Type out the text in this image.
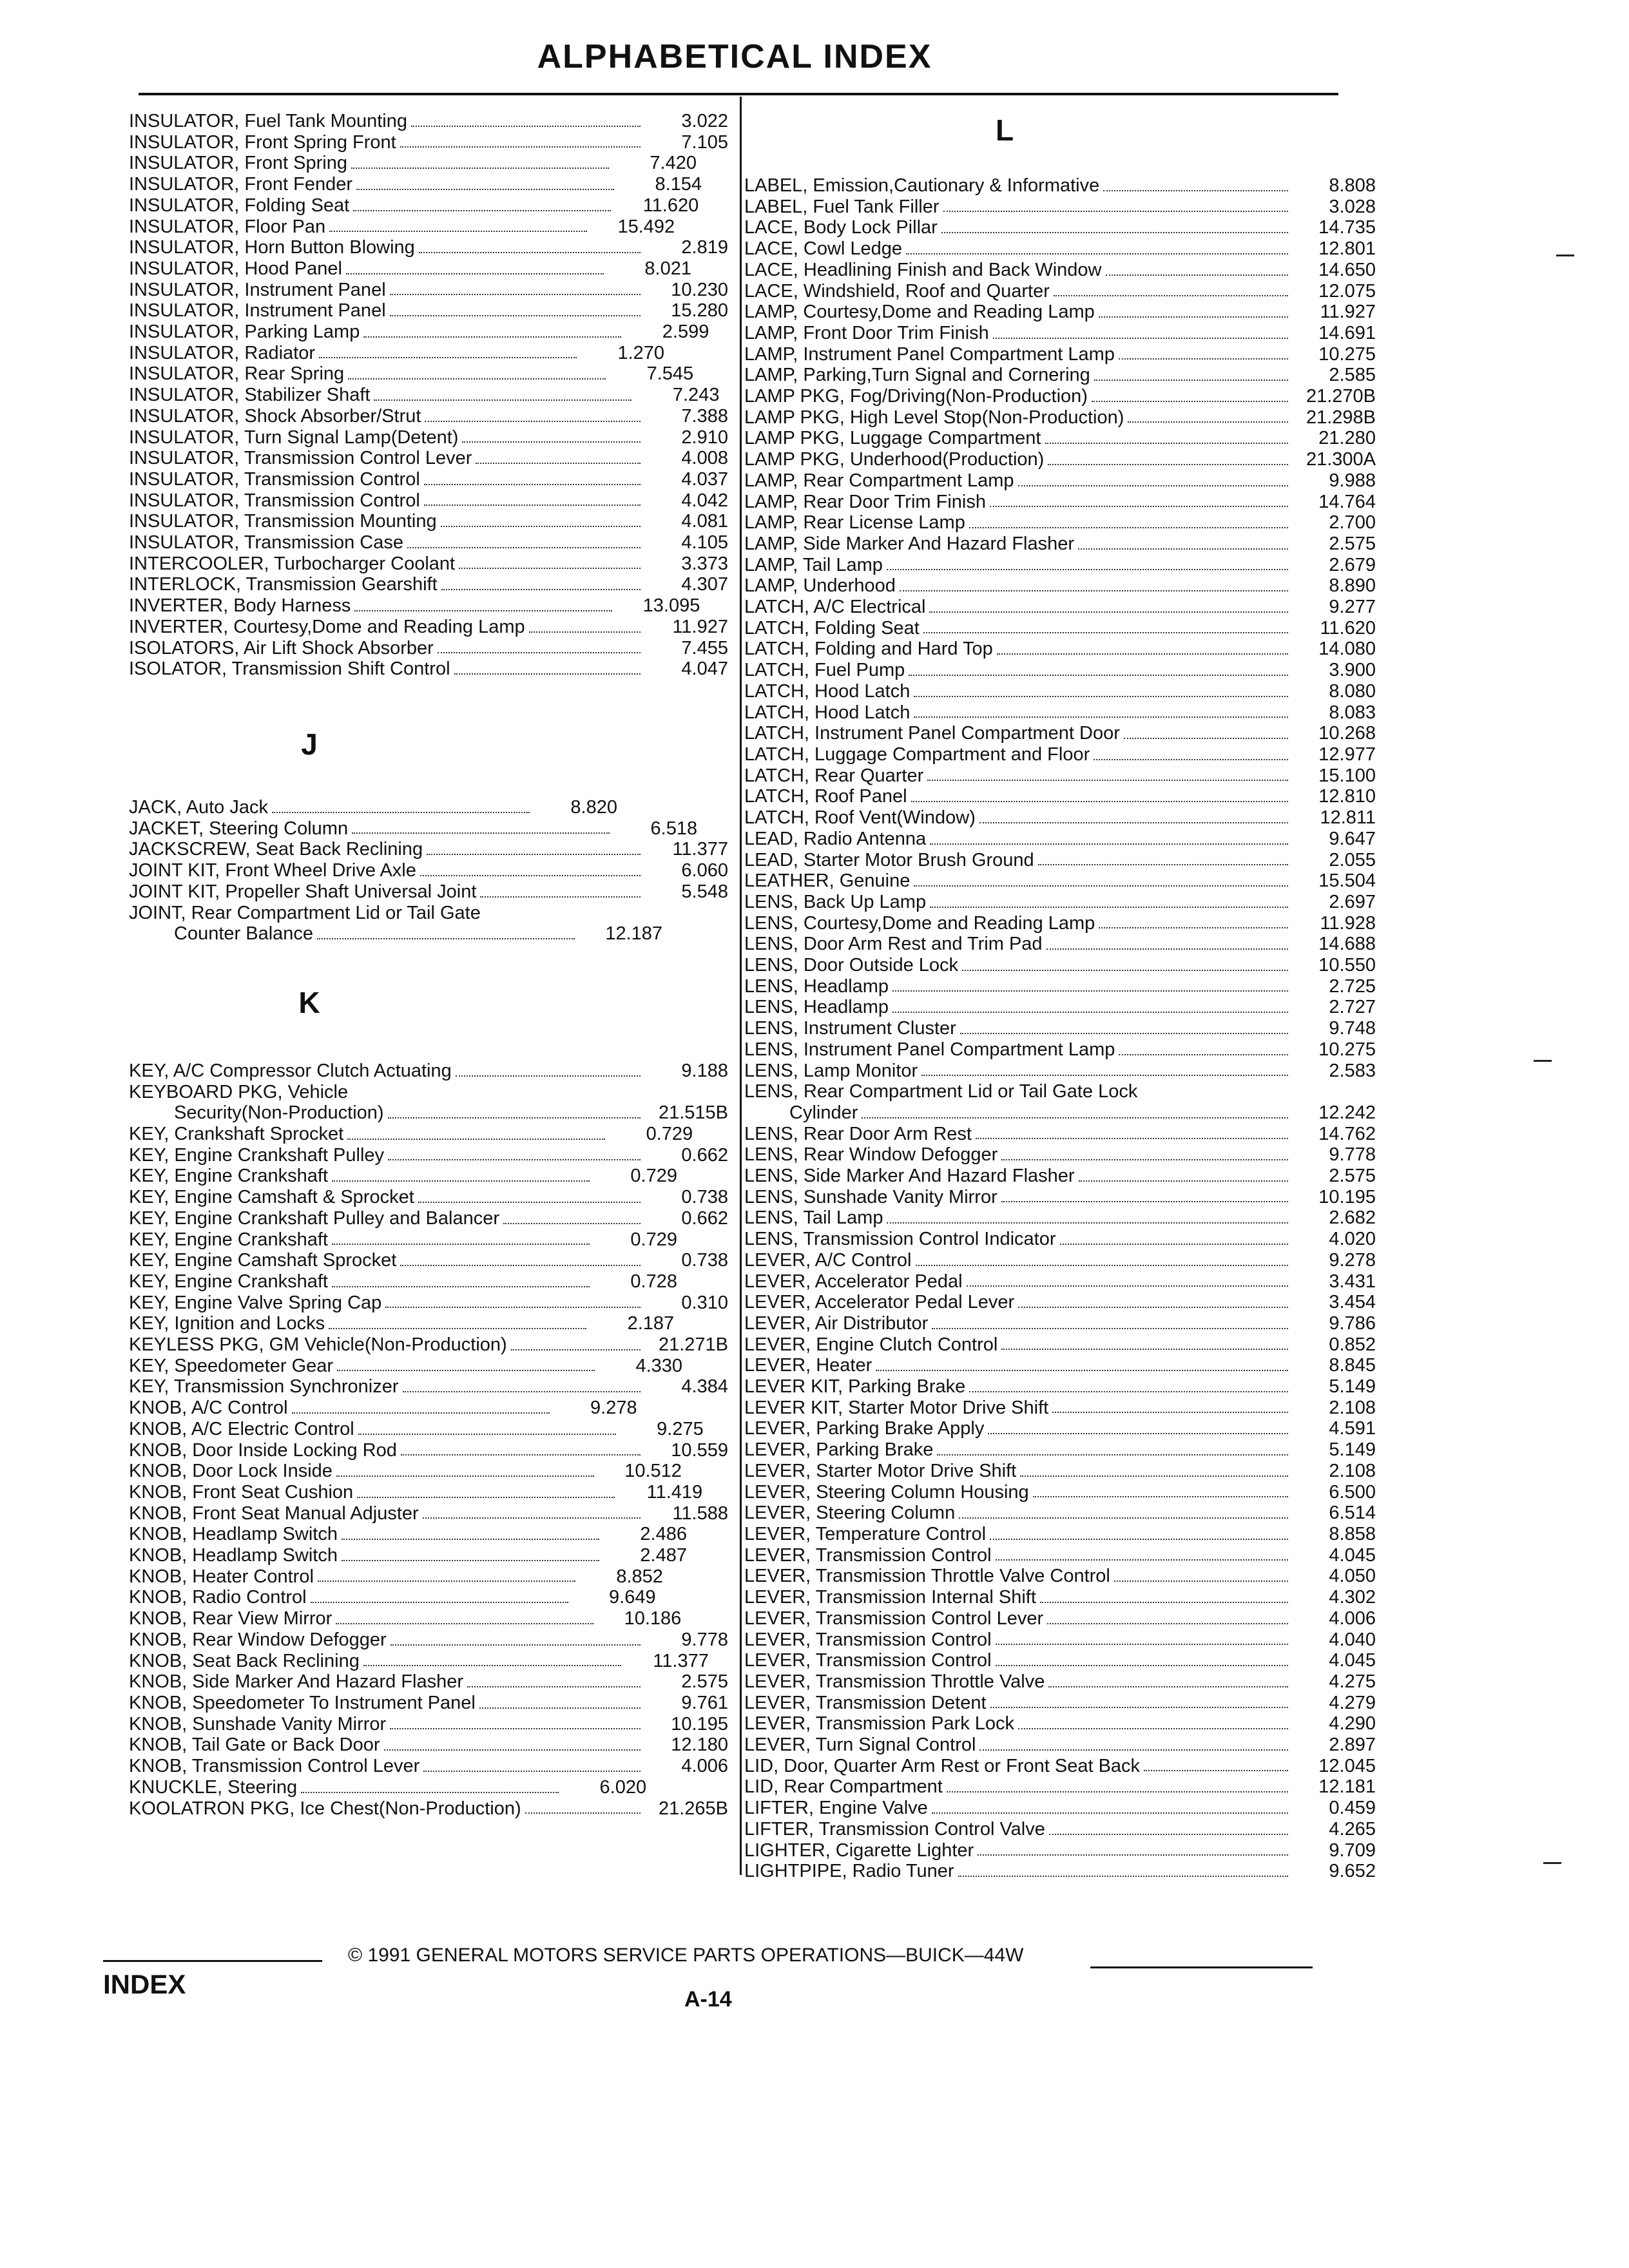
ALPHABETICAL INDEX
INSULATOR, Fuel Tank Mounting	3.022
INSULATOR, Front Spring Front	7.105
INSULATOR, Front Spring	7.420
INSULATOR, Front Fender	8.154
INSULATOR, Folding Seat	11.620
INSULATOR, Floor Pan	15.492
INSULATOR, Horn Button Blowing	2.819
INSULATOR, Hood Panel	8.021
INSULATOR, Instrument Panel	10.230
INSULATOR, Instrument Panel	15.280
INSULATOR, Parking Lamp	2.599
INSULATOR, Radiator	1.270
INSULATOR, Rear Spring	7.545
INSULATOR, Stabilizer Shaft	7.243
INSULATOR, Shock Absorber/Strut	7.388
INSULATOR, Turn Signal Lamp(Detent)	2.910
INSULATOR, Transmission Control Lever	4.008
INSULATOR, Transmission Control	4.037
INSULATOR, Transmission Control	4.042
INSULATOR, Transmission Mounting	4.081
INSULATOR, Transmission Case	4.105
INTERCOOLER, Turbocharger Coolant	3.373
INTERLOCK, Transmission Gearshift	4.307
INVERTER, Body Harness	13.095
INVERTER, Courtesy,Dome and Reading Lamp	11.927
ISOLATORS, Air Lift Shock Absorber	7.455
ISOLATOR, Transmission Shift Control	4.047
J
JACK, Auto Jack	8.820
JACKET, Steering Column	6.518
JACKSCREW, Seat Back Reclining	11.377
JOINT KIT, Front Wheel Drive Axle	6.060
JOINT KIT, Propeller Shaft Universal Joint	5.548
JOINT, Rear Compartment Lid or Tail Gate
Counter Balance	12.187
K
KEY, A/C Compressor Clutch Actuating	9.188
KEYBOARD PKG, Vehicle
Security(Non-Production)	21.515B
KEY, Crankshaft Sprocket	0.729
KEY, Engine Crankshaft Pulley	0.662
KEY, Engine Crankshaft	0.729
KEY, Engine Camshaft & Sprocket	0.738
KEY, Engine Crankshaft Pulley and Balancer	0.662
KEY, Engine Crankshaft	0.729
KEY, Engine Camshaft Sprocket	0.738
KEY, Engine Crankshaft	0.728
KEY, Engine Valve Spring Cap	0.310
KEY, Ignition and Locks	2.187
KEYLESS PKG, GM Vehicle(Non-Production)	21.271B
KEY, Speedometer Gear	4.330
KEY, Transmission Synchronizer	4.384
KNOB, A/C Control	9.278
KNOB, A/C Electric Control	9.275
KNOB, Door Inside Locking Rod	10.559
KNOB, Door Lock Inside	10.512
KNOB, Front Seat Cushion	11.419
KNOB, Front Seat Manual Adjuster	11.588
KNOB, Headlamp Switch	2.486
KNOB, Headlamp Switch	2.487
KNOB, Heater Control	8.852
KNOB, Radio Control	9.649
KNOB, Rear View Mirror	10.186
KNOB, Rear Window Defogger	9.778
KNOB, Seat Back Reclining	11.377
KNOB, Side Marker And Hazard Flasher	2.575
KNOB, Speedometer To Instrument Panel	9.761
KNOB, Sunshade Vanity Mirror	10.195
KNOB, Tail Gate or Back Door	12.180
KNOB, Transmission Control Lever	4.006
KNUCKLE, Steering	6.020
KOOLATRON PKG, Ice Chest(Non-Production)	21.265B
L
LABEL, Emission,Cautionary & Informative	8.808
LABEL, Fuel Tank Filler	3.028
LACE, Body Lock Pillar	14.735
LACE, Cowl Ledge	12.801
LACE, Headlining Finish and Back Window	14.650
LACE, Windshield, Roof and Quarter	12.075
LAMP, Courtesy,Dome and Reading Lamp	11.927
LAMP, Front Door Trim Finish	14.691
LAMP, Instrument Panel Compartment Lamp	10.275
LAMP, Parking,Turn Signal and Cornering	2.585
LAMP PKG, Fog/Driving(Non-Production)	21.270B
LAMP PKG, High Level Stop(Non-Production)	21.298B
LAMP PKG, Luggage Compartment	21.280
LAMP PKG, Underhood(Production)	21.300A
LAMP, Rear Compartment Lamp	9.988
LAMP, Rear Door Trim Finish	14.764
LAMP, Rear License Lamp	2.700
LAMP, Side Marker And Hazard Flasher	2.575
LAMP, Tail Lamp	2.679
LAMP, Underhood	8.890
LATCH, A/C Electrical	9.277
LATCH, Folding Seat	11.620
LATCH, Folding and Hard Top	14.080
LATCH, Fuel Pump	3.900
LATCH, Hood Latch	8.080
LATCH, Hood Latch	8.083
LATCH, Instrument Panel Compartment Door	10.268
LATCH, Luggage Compartment and Floor	12.977
LATCH, Rear Quarter	15.100
LATCH, Roof Panel	12.810
LATCH, Roof Vent(Window)	12.811
LEAD, Radio Antenna	9.647
LEAD, Starter Motor Brush Ground	2.055
LEATHER, Genuine	15.504
LENS, Back Up Lamp	2.697
LENS, Courtesy,Dome and Reading Lamp	11.928
LENS, Door Arm Rest and Trim Pad	14.688
LENS, Door Outside Lock	10.550
LENS, Headlamp	2.725
LENS, Headlamp	2.727
LENS, Instrument Cluster	9.748
LENS, Instrument Panel Compartment Lamp	10.275
LENS, Lamp Monitor	2.583
LENS, Rear Compartment Lid or Tail Gate Lock
Cylinder	12.242
LENS, Rear Door Arm Rest	14.762
LENS, Rear Window Defogger	9.778
LENS, Side Marker And Hazard Flasher	2.575
LENS, Sunshade Vanity Mirror	10.195
LENS, Tail Lamp	2.682
LENS, Transmission Control Indicator	4.020
LEVER, A/C Control	9.278
LEVER, Accelerator Pedal	3.431
LEVER, Accelerator Pedal Lever	3.454
LEVER, Air Distributor	9.786
LEVER, Engine Clutch Control	0.852
LEVER, Heater	8.845
LEVER KIT, Parking Brake	5.149
LEVER KIT, Starter Motor Drive Shift	2.108
LEVER, Parking Brake Apply	4.591
LEVER, Parking Brake	5.149
LEVER, Starter Motor Drive Shift	2.108
LEVER, Steering Column Housing	6.500
LEVER, Steering Column	6.514
LEVER, Temperature Control	8.858
LEVER, Transmission Control	4.045
LEVER, Transmission Throttle Valve Control	4.050
LEVER, Transmission Internal Shift	4.302
LEVER, Transmission Control Lever	4.006
LEVER, Transmission Control	4.040
LEVER, Transmission Control	4.045
LEVER, Transmission Throttle Valve	4.275
LEVER, Transmission Detent	4.279
LEVER, Transmission Park Lock	4.290
LEVER, Turn Signal Control	2.897
LID, Door, Quarter Arm Rest or Front Seat Back	12.045
LID, Rear Compartment	12.181
LIFTER, Engine Valve	0.459
LIFTER, Transmission Control Valve	4.265
LIGHTER, Cigarette Lighter	9.709
LIGHTPIPE, Radio Tuner	9.652
© 1991 GENERAL MOTORS SERVICE PARTS OPERATIONS—BUICK—44W
INDEX	A-14
